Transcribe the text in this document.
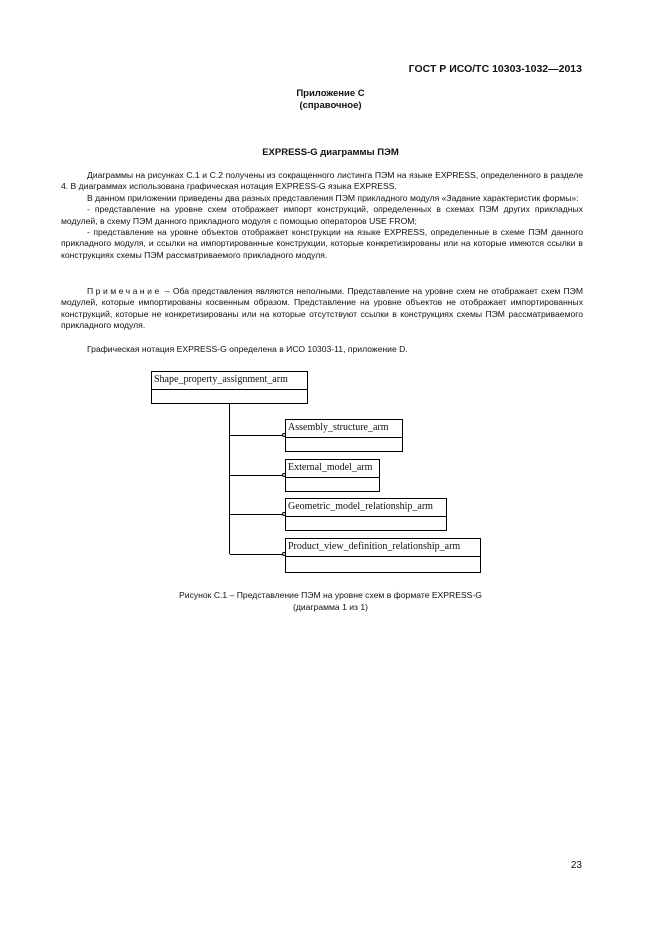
ГОСТ Р ИСО/ТС 10303-1032—2013
Приложение С
(справочное)
EXPRESS-G диаграммы ПЭМ

Диаграммы на рисунках С.1 и С.2 получены из сокращенного листинга ПЭМ на языке EXPRESS, определенного в разделе 4. В диаграммах использована графическая нотация EXPRESS-G языка EXPRESS.

В данном приложении приведены два разных представления ПЭМ прикладного модуля «Задание характеристик формы»:

- представление на уровне схем отображает импорт конструкций, определенных в схемах ПЭМ других прикладных модулей, в схему ПЭМ данного прикладного модуля с помощью операторов USE FROM;

- представление на уровне объектов отображает конструкции на языке EXPRESS, определенные в схеме ПЭМ данного прикладного модуля, и ссылки на импортированные конструкции, которые конкретизированы или на которые имеются ссылки в конструкциях схемы ПЭМ рассматриваемого прикладного модуля.

Примечание – Оба представления являются неполными. Представление на уровне схем не отображает схем ПЭМ модулей, которые импортированы косвенным образом. Представление на уровне объектов не отображает импортированных конструкций, которые не конкретизированы или на которые отсутствуют ссылки в конструкциях схемы ПЭМ рассматриваемого прикладного модуля.

Графическая нотация EXPRESS-G определена в ИСО 10303-11, приложение D.

Shape_property_assignment_arm
Assembly_structure_arm
External_model_arm
Geometric_model_relationship_arm
Product_view_definition_relationship_arm
Рисунок С.1 – Представление ПЭМ на уровне схем в формате EXPRESS-G
(диаграмма 1 из 1)
23
